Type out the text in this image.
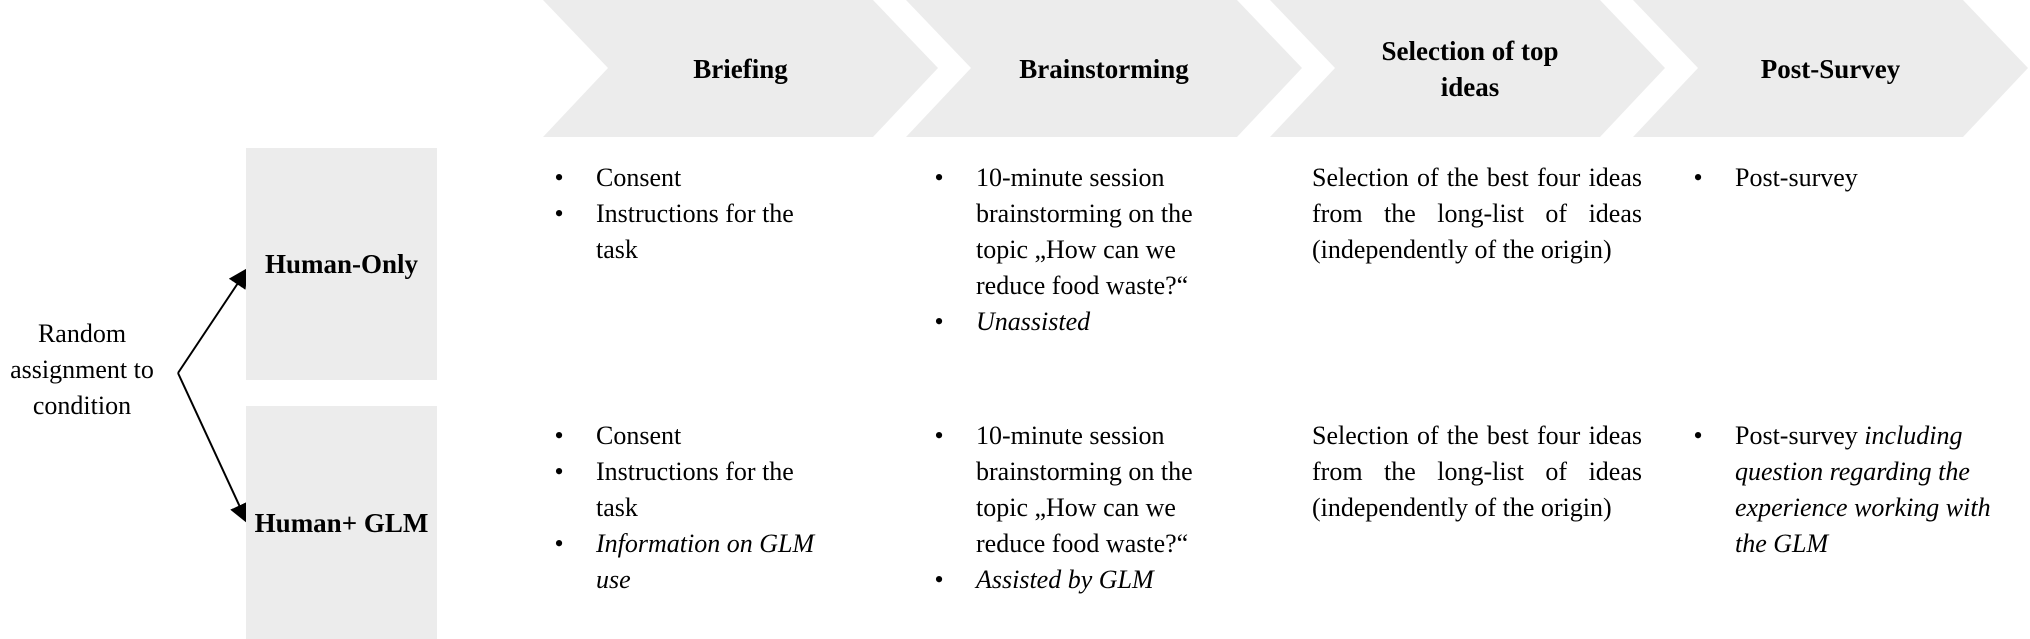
Briefing	Brainstorming
Selection of top ideas
Post-Survey
Random assignment to condition
Human-Only
Human+ GLM
• Consent
• Instructions for the task
• 10-minute session brainstorming on the topic „How can we reduce food waste?“
• Unassisted
Selection of the best four ideas from the long-list of ideas (independently of the origin)
• Post-survey
• Consent
• Instructions for the task
• Information on GLM use
• 10-minute session brainstorming on the topic „How can we reduce food waste?“
• Assisted by GLM
Selection of the best four ideas from the long-list of ideas (independently of the origin)
• Post-survey including question regarding the experience working with the GLM
